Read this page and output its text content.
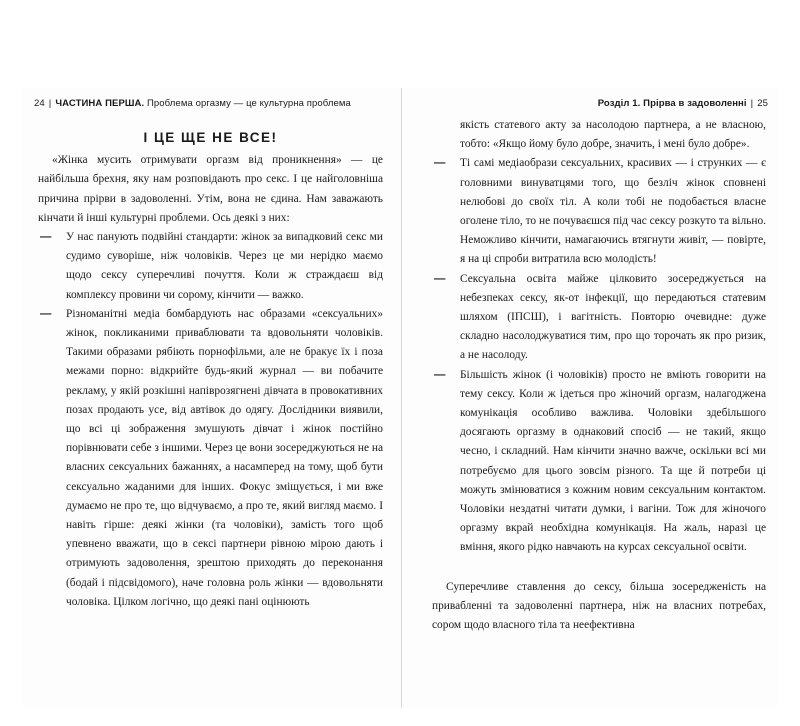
24 | ЧАСТИНА ПЕРША. Проблема оргазму — це культурна проблема
І ЦЕ ЩЕ НЕ ВСЕ!

«Жінка мусить отримувати оргазм від проникнення» — це найбільша брехня, яку нам розповідають про секс. І це найголовніша причина прірви в задоволенні. Утім, вона не єдина. Нам заважають кінчати й інші культурні проблеми. Ось деякі з них:

— У нас панують подвійні стандарти: жінок за випадковий секс ми судимо суворіше, ніж чоловіків. Через це ми нерідко маємо щодо сексу суперечливі почуття. Коли ж страждаєш від комплексу провини чи сорому, кінчити — важко.
— Різноманітні медіа бомбардують нас образами «сексуальних» жінок, покликаними приваблювати та вдовольняти чоловіків. Такими образами рябіють порнофільми, але не бракує їх і поза межами порно: відкрийте будь-який журнал — ви побачите рекламу, у якій розкішні напіврозягнені дівчата в провокативних позах продають усе, від автівок до одягу. Дослідники виявили, що всі ці зображення змушують дівчат і жінок постійно порівнювати себе з іншими. Через це вони зосереджуються не на власних сексуальних бажаннях, а насамперед на тому, щоб бути сексуально жаданими для інших. Фокус зміщується, і ми вже думаємо не про те, що відчуваємо, а про те, який вигляд маємо. І навіть гірше: деякі жінки (та чоловіки), замість того щоб упевнено вважати, що в сексі партнери рівною мірою дають і отримують задоволення, зрештою приходять до переконання (бодай і підсвідомого), наче головна роль жінки — вдовольняти чоловіка. Цілком логічно, що деякі пані оцінюють
Розділ 1. Прірва в задоволенні | 25
якість статевого акту за насолодою партнера, а не власною, тобто: «Якщо йому було добре, значить, і мені було добре».
— Ті самі медіаобрази сексуальних, красивих — і струнких — є головними винуватцями того, що безліч жінок сповнені нелюбові до своїх тіл. А коли тобі не подобається власне оголене тіло, то не почуваєшся під час сексу розкуто та вільно. Неможливо кінчити, намагаючись втягнути живіт, — повірте, я на ці спроби витратила всю молодість!
— Сексуальна освіта майже цілковито зосереджується на небезпеках сексу, як-от інфекції, що передаються статевим шляхом (ІПСШ), і вагітність. Повторю очевидне: дуже складно насолоджуватися тим, про що торочать як про ризик, а не насолоду.
— Більшість жінок (і чоловіків) просто не вміють говорити на тему сексу. Коли ж ідеться про жіночий оргазм, налагоджена комунікація особливо важлива. Чоловіки здебільшого досягають оргазму в однаковий спосіб — не такий, якщо чесно, і складний. Нам кінчити значно важче, оскільки всі ми потребуємо для цього зовсім різного. Та ще й потреби ці можуть змінюватися з кожним новим сексуальним контактом. Чоловіки нездатні читати думки, і вагіни. Тож для жіночого оргазму вкрай необхідна комунікація. На жаль, наразі це вміння, якого рідко навчають на курсах сексуальної освіти.

Суперечливе ставлення до сексу, більша зосередженість на привабленні та задоволенні партнера, ніж на власних потребах, сором щодо власного тіла та неефективна
